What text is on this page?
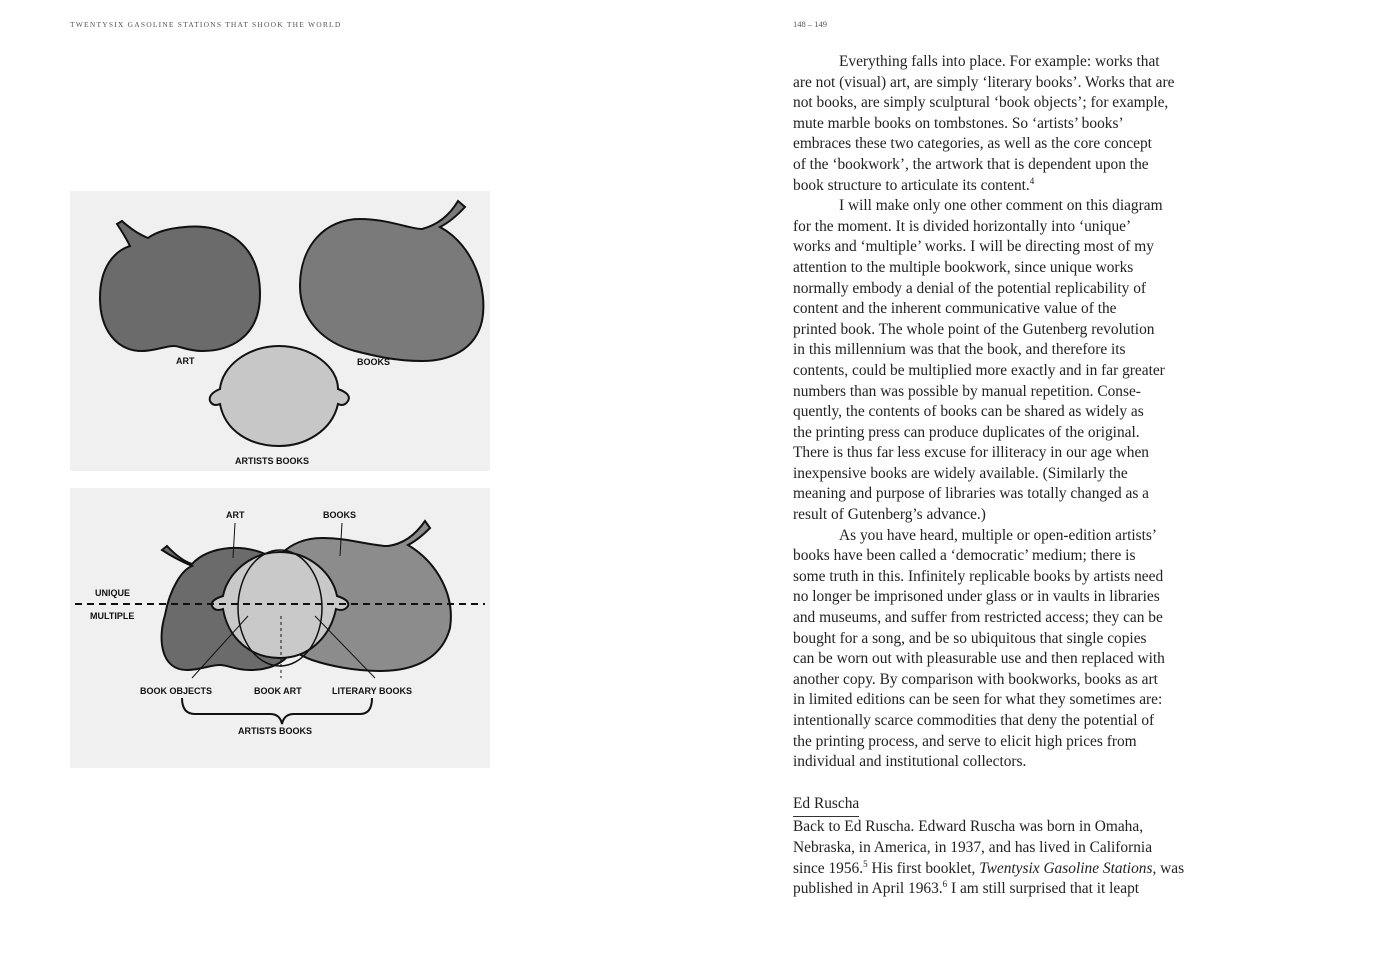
TWENTYSIX GASOLINE STATIONS THAT SHOOK THE WORLD	148 – 149
ART	BOOKS
ARTISTS BOOKS
ART	BOOKS
UNIQUE
MULTIPLE
BOOK OBJECTS	BOOK ART	LITERARY BOOKS
ARTISTS BOOKS

Everything falls into place. For example: works that
are not (visual) art, are simply ‘literary books’. Works that are
not books, are simply sculptural ‘book objects’; for example,
mute marble books on tombstones. So ‘artists’ books’
embraces these two categories, as well as the core concept
of the ‘bookwork’, the artwork that is dependent upon the
book structure to articulate its content.$^4$

I will make only one other comment on this diagram
for the moment. It is divided horizontally into ‘unique’
works and ‘multiple’ works. I will be directing most of my
attention to the multiple bookwork, since unique works
normally embody a denial of the potential replicability of
content and the inherent communicative value of the
printed book. The whole point of the Gutenberg revolution
in this millennium was that the book, and therefore its
contents, could be multiplied more exactly and in far greater
numbers than was possible by manual repetition. Conse-
quently, the contents of books can be shared as widely as
the printing press can produce duplicates of the original.
There is thus far less excuse for illiteracy in our age when
inexpensive books are widely available. (Similarly the
meaning and purpose of libraries was totally changed as a
result of Gutenberg’s advance.)

As you have heard, multiple or open-edition artists’
books have been called a ‘democratic’ medium; there is
some truth in this. Infinitely replicable books by artists need
no longer be imprisoned under glass or in vaults in libraries
and museums, and suffer from restricted access; they can be
bought for a song, and be so ubiquitous that single copies
can be worn out with pleasurable use and then replaced with
another copy. By comparison with bookworks, books as art
in limited editions can be seen for what they sometimes are:
intentionally scarce commodities that deny the potential of
the printing process, and serve to elicit high prices from
individual and institutional collectors.

Ed Ruscha

Back to Ed Ruscha. Edward Ruscha was born in Omaha,
Nebraska, in America, in 1937, and has lived in California
since 1956.$^5$ His first booklet, Twentysix Gasoline Stations, was
published in April 1963.$^6$ I am still surprised that it leapt
